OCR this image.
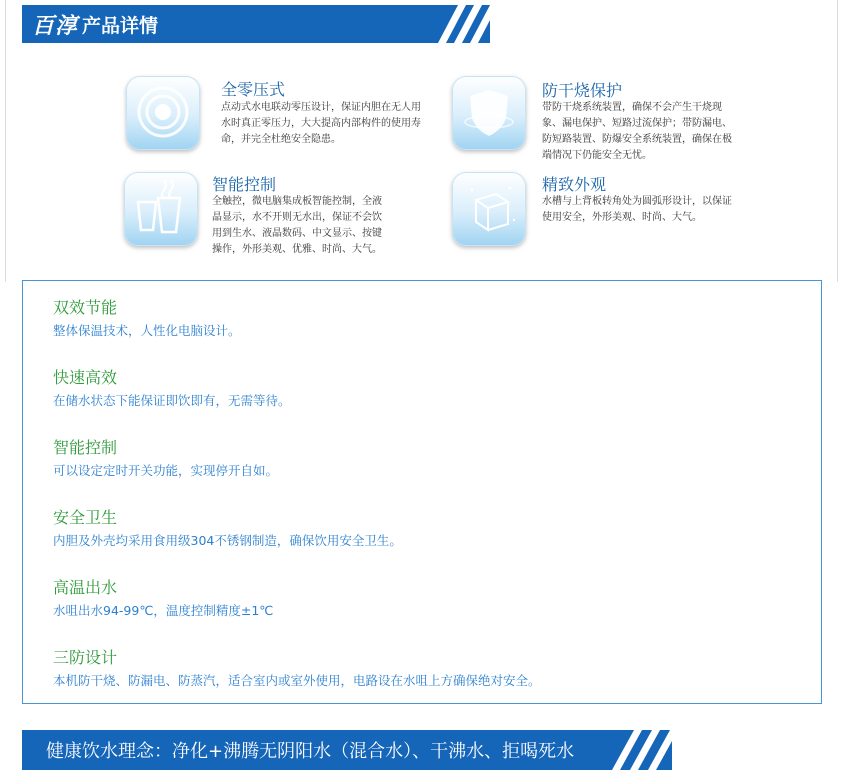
百淳 产品详情
全零压式
点动式水电联动零压设计，保证内胆在无人用水时真正零压力，大大提高内部构件的使用寿命，并完全杜绝安全隐患。
防干烧保护
带防干烧系统装置，确保不会产生干烧现象、漏电保护、短路过流保护；带防漏电、防短路装置、防爆安全系统装置，确保在极端情况下仍能安全无忧。
智能控制
全触控，微电脑集成板智能控制，全液晶显示，水不开则无水出，保证不会饮用到生水、液晶数码、中文显示、按键操作，外形美观、优雅、时尚、大气。
精致外观
水槽与上背板转角处为圆弧形设计，以保证使用安全，外形美观、时尚、大气。
双效节能
整体保温技术，人性化电脑设计。
快速高效
在储水状态下能保证即饮即有，无需等待。
智能控制
可以设定定时开关功能，实现停开自如。
安全卫生
内胆及外壳均采用食用级304不锈钢制造，确保饮用安全卫生。
高温出水
水咀出水94-99℃，温度控制精度±1℃
三防设计
本机防干烧、防漏电、防蒸汽，适合室内或室外使用，电路设在水咀上方确保绝对安全。
健康饮水理念：净化+沸腾无阴阳水（混合水）、干沸水、拒喝死水
